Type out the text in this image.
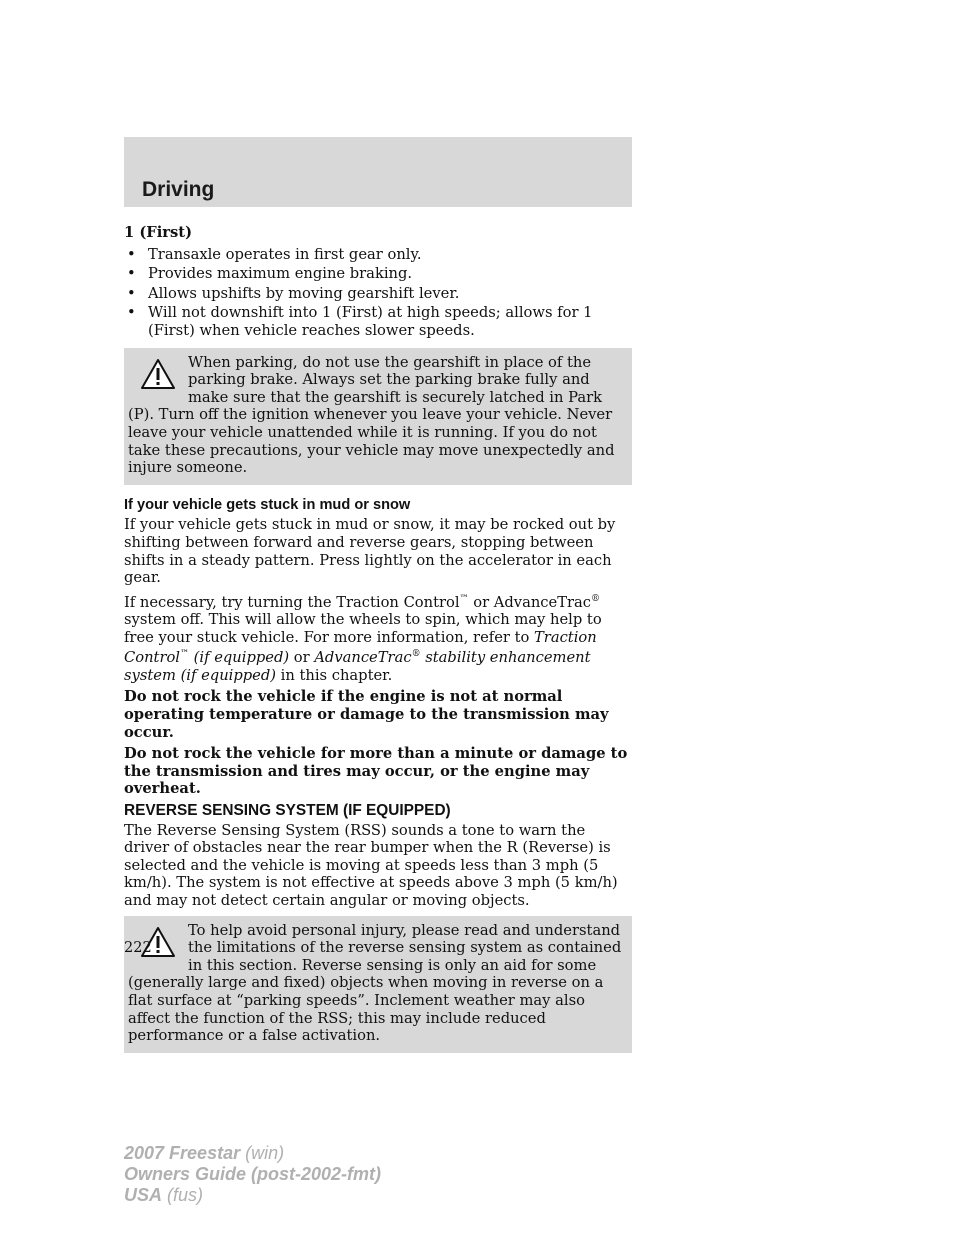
Driving
1 (First)
• Transaxle operates in first gear only.
• Provides maximum engine braking.
• Allows upshifts by moving gearshift lever.
• Will not downshift into 1 (First) at high speeds; allows for 1 (First) when vehicle reaches slower speeds.

When parking, do not use the gearshift in place of the parking brake. Always set the parking brake fully and make sure that the gearshift is securely latched in Park (P). Turn off the ignition whenever you leave your vehicle. Never leave your vehicle unattended while it is running. If you do not take these precautions, your vehicle may move unexpectedly and injure someone.

If your vehicle gets stuck in mud or snow

If your vehicle gets stuck in mud or snow, it may be rocked out by shifting between forward and reverse gears, stopping between shifts in a steady pattern. Press lightly on the accelerator in each gear.

If necessary, try turning the Traction Control™ or AdvanceTrac® system off. This will allow the wheels to spin, which may help to free your stuck vehicle. For more information, refer to Traction Control™ (if equipped) or AdvanceTrac® stability enhancement system (if equipped) in this chapter.

Do not rock the vehicle if the engine is not at normal operating temperature or damage to the transmission may occur.

Do not rock the vehicle for more than a minute or damage to the transmission and tires may occur, or the engine may overheat.

REVERSE SENSING SYSTEM (IF EQUIPPED)

The Reverse Sensing System (RSS) sounds a tone to warn the driver of obstacles near the rear bumper when the R (Reverse) is selected and the vehicle is moving at speeds less than 3 mph (5 km/h). The system is not effective at speeds above 3 mph (5 km/h) and may not detect certain angular or moving objects.

To help avoid personal injury, please read and understand the limitations of the reverse sensing system as contained in this section. Reverse sensing is only an aid for some (generally large and fixed) objects when moving in reverse on a flat surface at “parking speeds”. Inclement weather may also affect the function of the RSS; this may include reduced performance or a false activation.

222
2007 Freestar (win)
Owners Guide (post-2002-fmt)
USA (fus)
